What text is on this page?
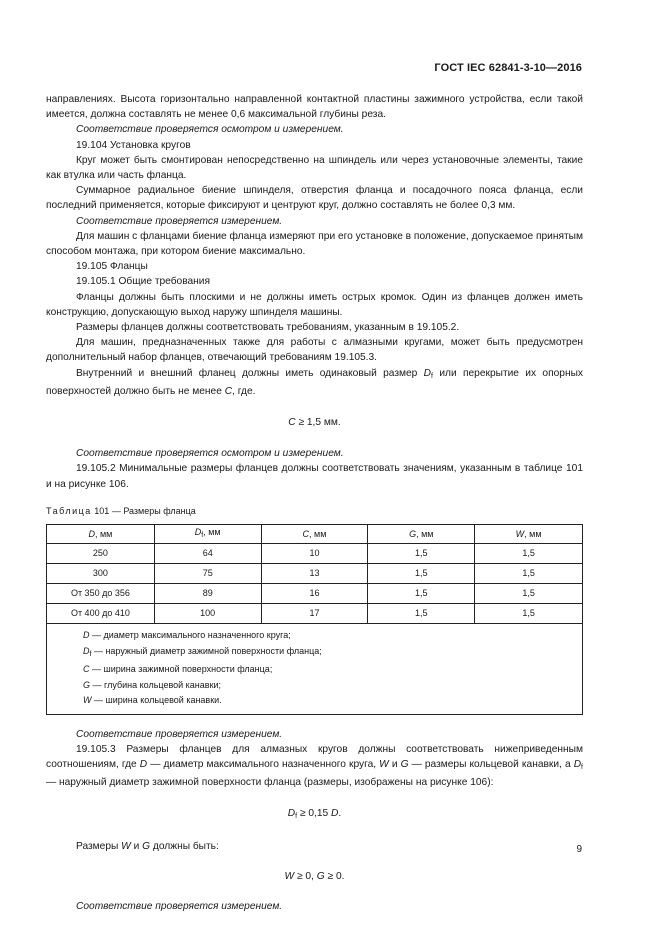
ГОСТ IEC 62841-3-10—2016

направлениях. Высота горизонтально направленной контактной пластины зажимного устройства, если такой имеется, должна составлять не менее 0,6 максимальной глубины реза.

Соответствие проверяется осмотром и измерением.

19.104 Установка кругов

Круг может быть смонтирован непосредственно на шпиндель или через установочные элементы, такие как втулка или часть фланца.

Суммарное радиальное биение шпинделя, отверстия фланца и посадочного пояса фланца, если последний применяется, которые фиксируют и центруют круг, должно составлять не более 0,3 мм.

Соответствие проверяется измерением.

Для машин с фланцами биение фланца измеряют при его установке в положение, допускаемое принятым способом монтажа, при котором биение максимально.

19.105 Фланцы

19.105.1 Общие требования

Фланцы должны быть плоскими и не должны иметь острых кромок. Один из фланцев должен иметь конструкцию, допускающую выход наружу шпинделя машины.

Размеры фланцев должны соответствовать требованиям, указанным в 19.105.2.

Для машин, предназначенных также для работы с алмазными кругами, может быть предусмотрен дополнительный набор фланцев, отвечающий требованиям 19.105.3.

Внутренний и внешний фланец должны иметь одинаковый размер $D_f$ или перекрытие их опорных поверхностей должно быть не менее C, где.

C ≥ 1,5 мм.

Соответствие проверяется осмотром и измерением.

19.105.2 Минимальные размеры фланцев должны соответствовать значениям, указанным в таблице 101 и на рисунке 106.

Таблица 101 — Размеры фланца
D, мм	$D_f$, мм	C, мм	G, мм	W, мм
250	64	10	1,5	1,5
300	75	13	1,5	1,5
От 350 до 356	89	16	1,5	1,5
От 400 до 410	100	17	1,5	1,5

D — диаметр максимального назначенного круга;
$D_f$ — наружный диаметр зажимной поверхности фланца;
C — ширина зажимной поверхности фланца;
G — глубина кольцевой канавки;
W — ширина кольцевой канавки.				

Соответствие проверяется измерением.

19.105.3 Размеры фланцев для алмазных кругов должны соответствовать нижеприведенным соотношениям, где D — диаметр максимального назначенного круга, W и G — размеры кольцевой канавки, а $D_f$ — наружный диаметр зажимной поверхности фланца (размеры, изображены на рисунке 106):

$D_f \ge 0,15$ D.

Размеры W и G должны быть:

W ≥ 0, G ≥ 0.

Соответствие проверяется измерением.

9
